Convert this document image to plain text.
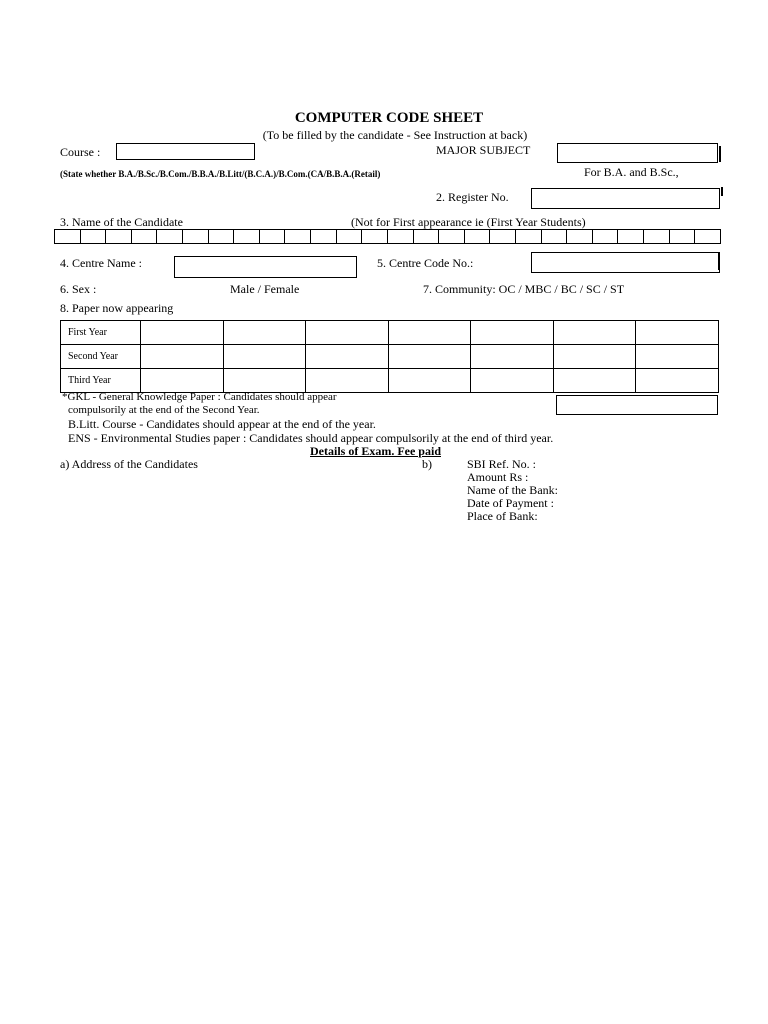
COMPUTER CODE SHEET
(To be filled by the candidate - See Instruction at back)
Course :	MAJOR SUBJECT
(State whether B.A./B.Sc./B.Com./B.B.A./B.Litt/(B.C.A.)/B.Com.(CA/B.B.A.(Retail)	For B.A. and B.Sc.,
2. Register No.
3. Name of the Candidate	(Not for First appearance ie (First Year Students)

4. Centre Name :	5. Centre Code No.:
6. Sex :	Male / Female	7. Community: OC / MBC / BC / SC / ST
8. Paper now appearing
First Year							
Second Year							
Third Year							
*GKL - General Knowledge Paper : Candidates should appear
compulsorily at the end of the Second Year.
B.Litt. Course - Candidates should appear at the end of the year.
ENS - Environmental Studies paper : Candidates should appear compulsorily at the end of third year.
Details of Exam. Fee paid
a) Address of the Candidates	b)	SBI Ref. No. :
Amount Rs :
Name of the Bank:
Date of Payment :
Place of Bank:
